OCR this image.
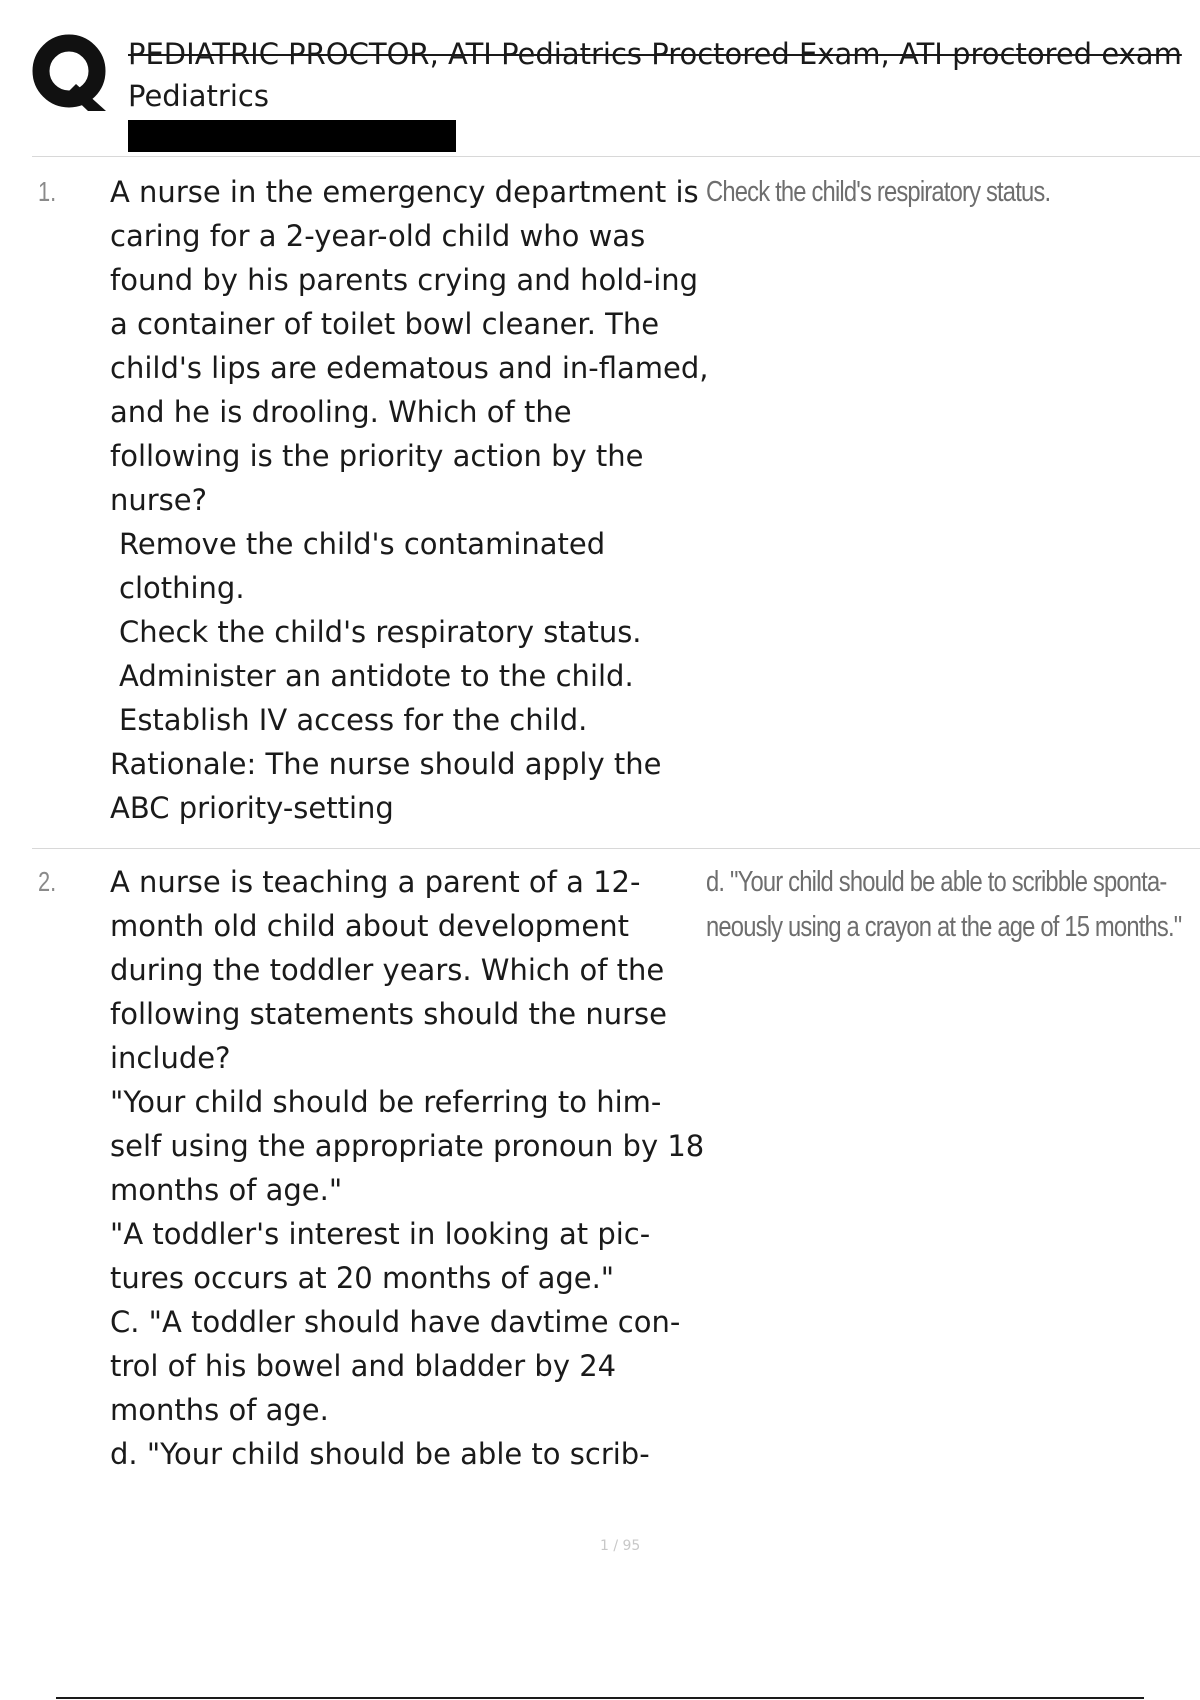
PEDIATRIC PROCTOR, ATI Pediatrics Proctored Exam, ATI proctored exam
Pediatrics
1. A nurse in the emergency department is caring for a 2-year-old child who was found by his parents crying and hold-ing a container of toilet bowl cleaner. The child's lips are edematous and in-flamed, and he is drooling. Which of the following is the priority action by the nurse?

Remove the child's contaminated clothing.

Check the child's respiratory status.

Administer an antidote to the child.

Establish IV access for the child.

Rationale: The nurse should apply the ABC priority-setting

Check the child's respiratory status.
2. A nurse is teaching a parent of a 12-month old child about development during the toddler years. Which of the following statements should the nurse include?

"Your child should be referring to him-self using the appropriate pronoun by 18 months of age."

"A toddler's interest in looking at pic-tures occurs at 20 months of age."

C. "A toddler should have davtime con-trol of his bowel and bladder by 24 months of age.

d. "Your child should be able to scrib-

d. "Your child should be able to scribble sponta-neously using a crayon at the age of 15 months."
1 / 95
